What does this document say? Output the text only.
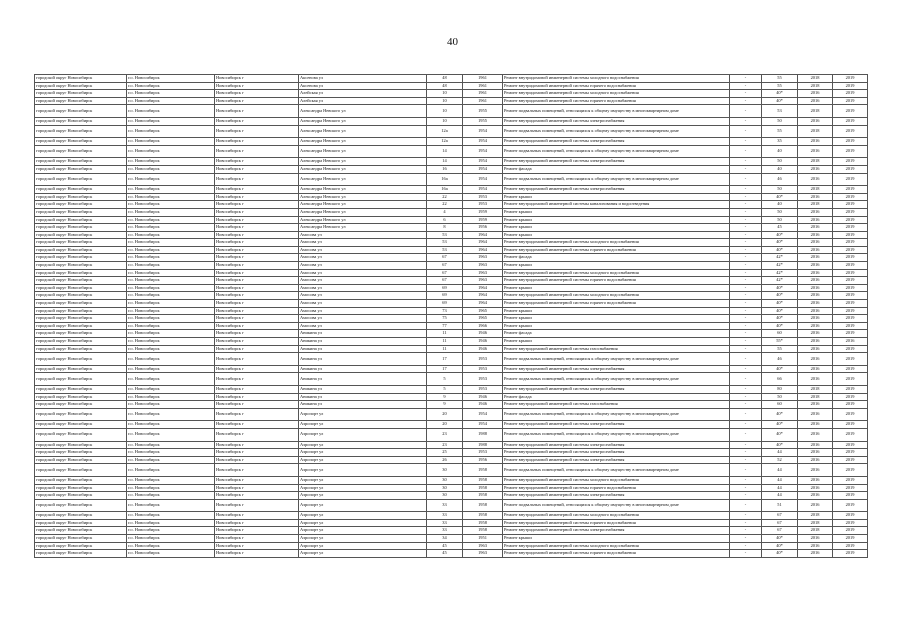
40
городской округ Новосибирск	г.о. Новосибирск	Новосибирск г	Аксенова ул	48	1961	Ремонт внутридомовой инженерной системы холодного водоснабжения	-	55	2018	2019
городской округ Новосибирск	г.о. Новосибирск	Новосибирск г	Аксенова ул	48	1961	Ремонт внутридомовой инженерной системы горячего водоснабжения	-	55	2018	2019
городской округ Новосибирск	г.о. Новосибирск	Новосибирск г	Алейская ул	10	1961	Ремонт внутридомовой инженерной системы холодного водоснабжения	-	40*	2016	2019
городской округ Новосибирск	г.о. Новосибирск	Новосибирск г	Алейская ул	10	1961	Ремонт внутридомовой инженерной системы горячего водоснабжения	-	40*	2016	2019
городской округ Новосибирск	г.о. Новосибирск	Новосибирск г	Александра Невского ул	10	1955	Ремонт подвальных помещений, относящихся к общему имуществу в многоквартирном доме	-	53	2018	2019
городской округ Новосибирск	г.о. Новосибирск	Новосибирск г	Александра Невского ул	10	1955	Ремонт внутридомовой инженерной системы электроснабжения	-	50	2016	2019
городской округ Новосибирск	г.о. Новосибирск	Новосибирск г	Александра Невского ул	12а	1954	Ремонт подвальных помещений, относящихся к общему имуществу в многоквартирном доме	-	55	2018	2019
городской округ Новосибирск	г.о. Новосибирск	Новосибирск г	Александра Невского ул	12а	1954	Ремонт внутридомовой инженерной системы электроснабжения	-	35	2016	2019
городской округ Новосибирск	г.о. Новосибирск	Новосибирск г	Александра Невского ул	14	1954	Ремонт подвальных помещений, относящихся к общему имуществу в многоквартирном доме	-	40	2016	2019
городской округ Новосибирск	г.о. Новосибирск	Новосибирск г	Александра Невского ул	14	1954	Ремонт внутридомовой инженерной системы электроснабжения	-	50	2018	2019
городской округ Новосибирск	г.о. Новосибирск	Новосибирск г	Александра Невского ул	16	1954	Ремонт фасада	-	40	2016	2019
городской округ Новосибирск	г.о. Новосибирск	Новосибирск г	Александра Невского ул	16а	1954	Ремонт подвальных помещений, относящихся к общему имуществу в многоквартирном доме	-	46	2016	2019
городской округ Новосибирск	г.о. Новосибирск	Новосибирск г	Александра Невского ул	16а	1954	Ремонт внутридомовой инженерной системы электроснабжения	-	50	2018	2019
городской округ Новосибирск	г.о. Новосибирск	Новосибирск г	Александра Невского ул	22	1953	Ремонт крыши	-	40*	2016	2019
городской округ Новосибирск	г.о. Новосибирск	Новосибирск г	Александра Невского ул	22	1953	Ремонт внутридомовой инженерной системы канализования и водоотведения	-	40	2018	2019
городской округ Новосибирск	г.о. Новосибирск	Новосибирск г	Александра Невского ул	4	1959	Ремонт крыши	-	50	2016	2019
городской округ Новосибирск	г.о. Новосибирск	Новосибирск г	Александра Невского ул	6	1959	Ремонт крыши	-	50	2016	2019
городской округ Новосибирск	г.о. Новосибирск	Новосибирск г	Александра Невского ул	8	1956	Ремонт крыши	-	45	2016	2019
городской округ Новосибирск	г.о. Новосибирск	Новосибирск г	Амосова ул	53	1964	Ремонт крыши	-	40*	2016	2019
городской округ Новосибирск	г.о. Новосибирск	Новосибирск г	Амосова ул	53	1964	Ремонт внутридомовой инженерной системы холодного водоснабжения	-	40*	2016	2019
городской округ Новосибирск	г.о. Новосибирск	Новосибирск г	Амосова ул	53	1964	Ремонт внутридомовой инженерной системы горячего водоснабжения	-	40*	2016	2019
городской округ Новосибирск	г.о. Новосибирск	Новосибирск г	Амосова ул	67	1963	Ремонт фасада	-	42*	2016	2019
городской округ Новосибирск	г.о. Новосибирск	Новосибирск г	Амосова ул	67	1963	Ремонт крыши	-	42*	2016	2019
городской округ Новосибирск	г.о. Новосибирск	Новосибирск г	Амосова ул	67	1963	Ремонт внутридомовой инженерной системы холодного водоснабжения	-	42*	2016	2019
городской округ Новосибирск	г.о. Новосибирск	Новосибирск г	Амосова ул	67	1963	Ремонт внутридомовой инженерной системы горячего водоснабжения	-	42*	2016	2019
городской округ Новосибирск	г.о. Новосибирск	Новосибирск г	Амосова ул	69	1964	Ремонт крыши	-	40*	2016	2019
городской округ Новосибирск	г.о. Новосибирск	Новосибирск г	Амосова ул	69	1964	Ремонт внутридомовой инженерной системы холодного водоснабжения	-	40*	2016	2019
городской округ Новосибирск	г.о. Новосибирск	Новосибирск г	Амосова ул	69	1964	Ремонт внутридомовой инженерной системы горячего водоснабжения	-	40*	2016	2019
городской округ Новосибирск	г.о. Новосибирск	Новосибирск г	Амосова ул	73	1965	Ремонт крыши	-	40*	2016	2019
городской округ Новосибирск	г.о. Новосибирск	Новосибирск г	Амосова ул	75	1965	Ремонт крыши	-	40*	2016	2019
городской округ Новосибирск	г.о. Новосибирск	Новосибирск г	Амосова ул	77	1966	Ремонт крыши	-	40*	2016	2019
городской округ Новосибирск	г.о. Новосибирск	Новосибирск г	Аникина ул	11	1946	Ремонт фасада	-	60	2016	2019
городской округ Новосибирск	г.о. Новосибирск	Новосибирск г	Аникина ул	11	1946	Ремонт крыши	-	55*	2016	2016
городской округ Новосибирск	г.о. Новосибирск	Новосибирск г	Аникина ул	11	1946	Ремонт внутридомовой инженерной системы газоснабжения	-	55	2016	2019
городской округ Новосибирск	г.о. Новосибирск	Новосибирск г	Аникина ул	17	1953	Ремонт подвальных помещений, относящихся к общему имуществу в многоквартирном доме	-	46	2016	2019
городской округ Новосибирск	г.о. Новосибирск	Новосибирск г	Аникина ул	17	1953	Ремонт внутридомовой инженерной системы электроснабжения	-	40*	2016	2019
городской округ Новосибирск	г.о. Новосибирск	Новосибирск г	Аникина ул	5	1953	Ремонт подвальных помещений, относящихся к общему имуществу в многоквартирном доме	-	66	2016	2019
городской округ Новосибирск	г.о. Новосибирск	Новосибирск г	Аникина ул	5	1953	Ремонт внутридомовой инженерной системы электроснабжения	-	80	2018	2019
городской округ Новосибирск	г.о. Новосибирск	Новосибирск г	Аникина ул	9	1946	Ремонт фасада	-	50	2018	2019
городской округ Новосибирск	г.о. Новосибирск	Новосибирск г	Аникина ул	9	1946	Ремонт внутридомовой инженерной системы газоснабжения	-	60	2016	2019
городской округ Новосибирск	г.о. Новосибирск	Новосибирск г	Аэропорт ул	20	1954	Ремонт подвальных помещений, относящихся к общему имуществу в многоквартирном доме	-	40*	2016	2019
городской округ Новосибирск	г.о. Новосибирск	Новосибирск г	Аэропорт ул	20	1954	Ремонт внутридомовой инженерной системы электроснабжения	-	40*	2016	2019
городской округ Новосибирск	г.о. Новосибирск	Новосибирск г	Аэропорт ул	23	1988	Ремонт подвальных помещений, относящихся к общему имуществу в многоквартирном доме	-	40*	2016	2019
городской округ Новосибирск	г.о. Новосибирск	Новосибирск г	Аэропорт ул	23	1988	Ремонт внутридомовой инженерной системы электроснабжения	-	40*	2016	2019
городской округ Новосибирск	г.о. Новосибирск	Новосибирск г	Аэропорт ул	25	1953	Ремонт внутридомовой инженерной системы электроснабжения	-	44	2016	2019
городской округ Новосибирск	г.о. Новосибирск	Новосибирск г	Аэропорт ул	26	1956	Ремонт внутридомовой инженерной системы электроснабжения	-	52	2016	2019
городской округ Новосибирск	г.о. Новосибирск	Новосибирск г	Аэропорт ул	30	1958	Ремонт подвальных помещений, относящихся к общему имуществу в многоквартирном доме	-	44	2016	2019
городской округ Новосибирск	г.о. Новосибирск	Новосибирск г	Аэропорт ул	30	1958	Ремонт внутридомовой инженерной системы холодного водоснабжения	-	44	2016	2019
городской округ Новосибирск	г.о. Новосибирск	Новосибирск г	Аэропорт ул	30	1958	Ремонт внутридомовой инженерной системы горячего водоснабжения	-	44	2016	2019
городской округ Новосибирск	г.о. Новосибирск	Новосибирск г	Аэропорт ул	30	1958	Ремонт внутридомовой инженерной системы электроснабжения	-	44	2016	2019
городской округ Новосибирск	г.о. Новосибирск	Новосибирск г	Аэропорт ул	33	1958	Ремонт подвальных помещений, относящихся к общему имуществу в многоквартирном доме	-	51	2016	2019
городской округ Новосибирск	г.о. Новосибирск	Новосибирск г	Аэропорт ул	33	1958	Ремонт внутридомовой инженерной системы холодного водоснабжения	-	67	2018	2019
городской округ Новосибирск	г.о. Новосибирск	Новосибирск г	Аэропорт ул	33	1958	Ремонт внутридомовой инженерной системы горячего водоснабжения	-	67	2018	2019
городской округ Новосибирск	г.о. Новосибирск	Новосибирск г	Аэропорт ул	33	1958	Ремонт внутридомовой инженерной системы электроснабжения	-	67	2018	2019
городской округ Новосибирск	г.о. Новосибирск	Новосибирск г	Аэропорт ул	34	1951	Ремонт крыши	-	40*	2016	2019
городской округ Новосибирск	г.о. Новосибирск	Новосибирск г	Аэропорт ул	45	1963	Ремонт внутридомовой инженерной системы холодного водоснабжения	-	40*	2016	2019
городской округ Новосибирск	г.о. Новосибирск	Новосибирск г	Аэропорт ул	45	1963	Ремонт внутридомовой инженерной системы горячего водоснабжения	-	40*	2016	2019
